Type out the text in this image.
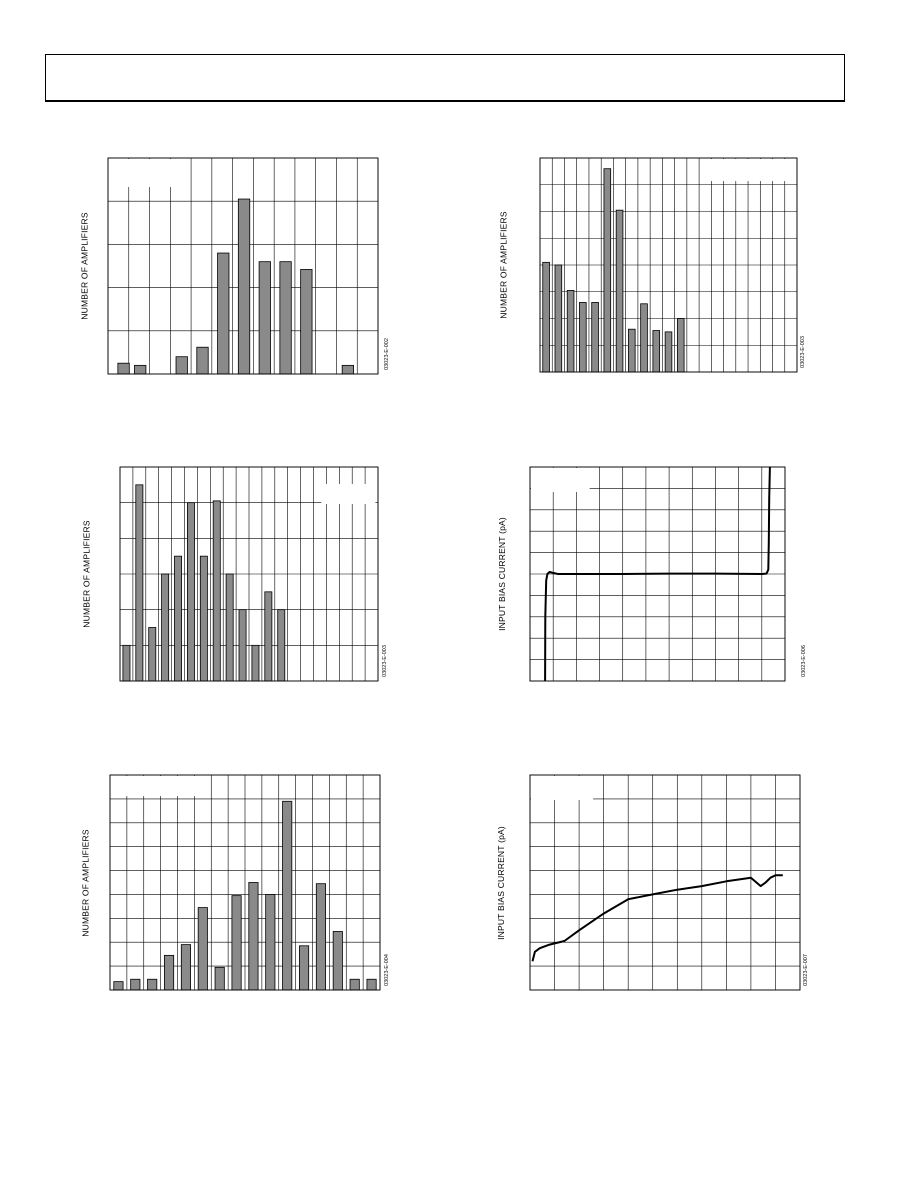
NUMBER OF AMPLIFIERS
03023-E-002
NUMBER OF AMPLIFIERS
03023-E-003
NUMBER OF AMPLIFIERS
03023-E-003
INPUT BIAS CURRENT (pA)
03023-E-006
NUMBER OF AMPLIFIERS
03023-E-004
INPUT BIAS CURRENT (pA)
03023-E-007
